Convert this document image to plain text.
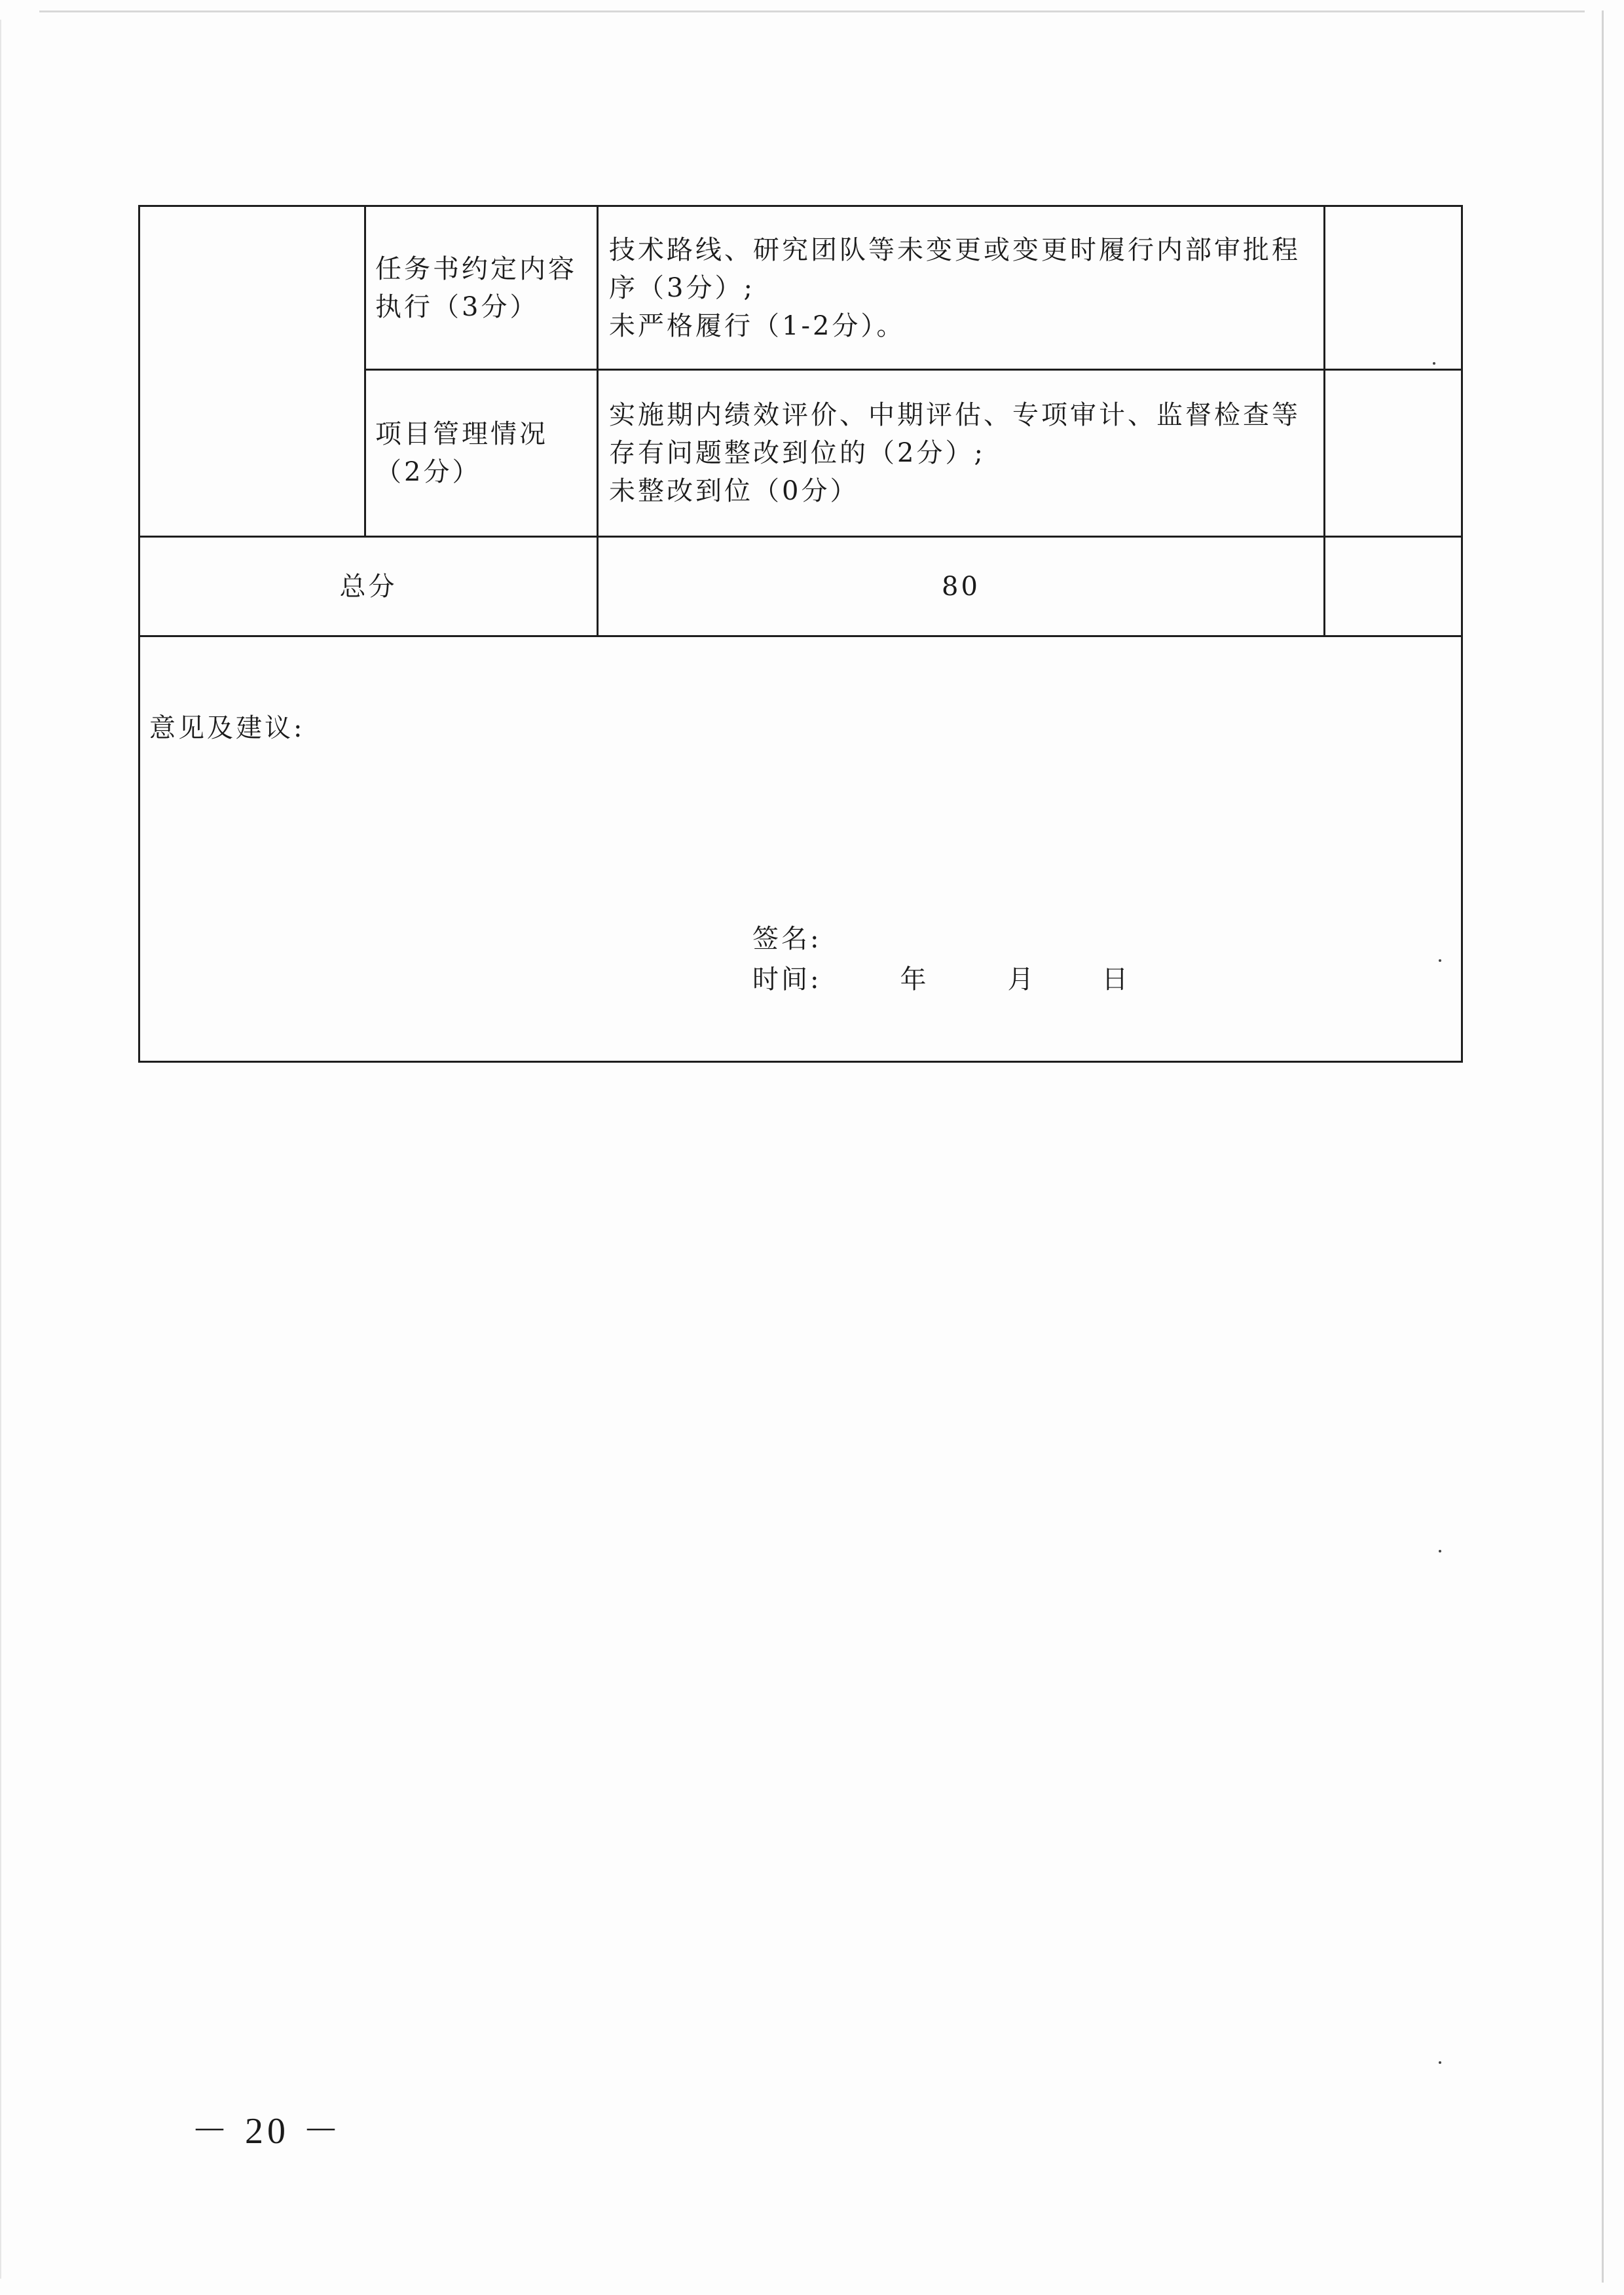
	任务书约定内容执行（3分）	技术路线、研究团队等未变更或变更时履行内部审批程序（3分）;
未严格履行（1-2分）。	

	项目管理情况（2分）	实施期内绩效评价、中期评估、专项审计、监督检查等存有问题整改到位的（2分）;
未整改到位（0分）	

总分		80	

意见及建议:
签名:
时间: 年 月 日			
－ 20 －
